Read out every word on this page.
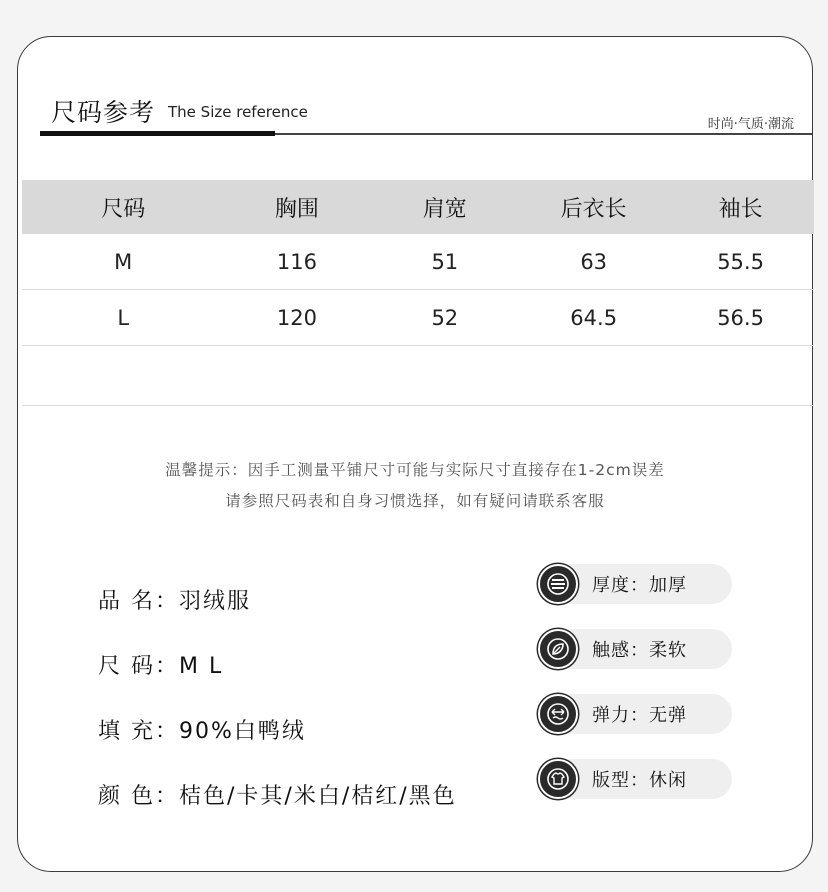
尺码参考 The Size reference
时尚·气质·潮流
尺码	胸围	肩宽	后衣长	袖长
M	116	51	63	55.5
L	120	52	64.5	56.5

温馨提示：因手工测量平铺尺寸可能与实际尺寸直接存在1-2cm误差

请参照尺码表和自身习惯选择，如有疑问请联系客服

品 名：羽绒服
尺 码：M L
填 充：90%白鸭绒
颜 色：桔色/卡其/米白/桔红/黑色
厚度：加厚
触感：柔软
弹力：无弹
版型：休闲
